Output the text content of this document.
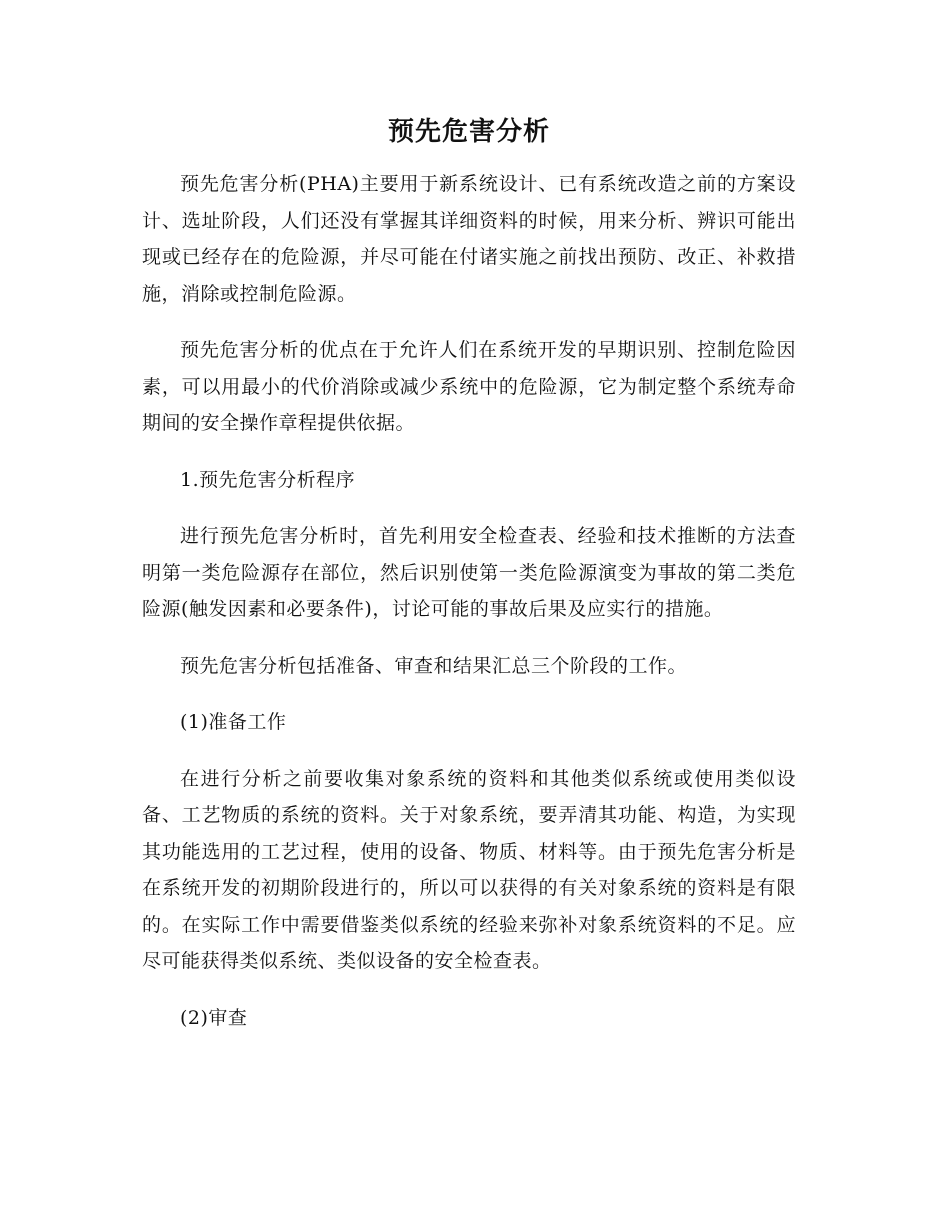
预先危害分析

预先危害分析(PHA)主要用于新系统设计、已有系统改造之前的方案设计、选址阶段，人们还没有掌握其详细资料的时候，用来分析、辨识可能出现或已经存在的危险源，并尽可能在付诸实施之前找出预防、改正、补救措施，消除或控制危险源。

预先危害分析的优点在于允许人们在系统开发的早期识别、控制危险因素，可以用最小的代价消除或减少系统中的危险源，它为制定整个系统寿命期间的安全操作章程提供依据。

1.预先危害分析程序

进行预先危害分析时，首先利用安全检查表、经验和技术推断的方法查明第一类危险源存在部位，然后识别使第一类危险源演变为事故的第二类危险源(触发因素和必要条件)，讨论可能的事故后果及应实行的措施。

预先危害分析包括准备、审查和结果汇总三个阶段的工作。

(1)准备工作

在进行分析之前要收集对象系统的资料和其他类似系统或使用类似设备、工艺物质的系统的资料。关于对象系统，要弄清其功能、构造，为实现其功能选用的工艺过程，使用的设备、物质、材料等。由于预先危害分析是在系统开发的初期阶段进行的，所以可以获得的有关对象系统的资料是有限的。在实际工作中需要借鉴类似系统的经验来弥补对象系统资料的不足。应尽可能获得类似系统、类似设备的安全检查表。

(2)审查
